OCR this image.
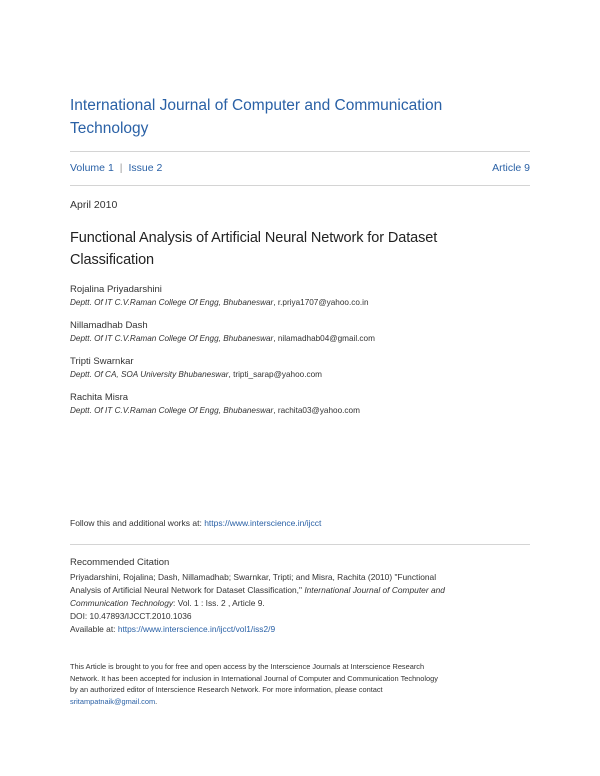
International Journal of Computer and Communication
Technology
Volume 1 | Issue 2	Article 9
April 2010
Functional Analysis of Artificial Neural Network for Dataset
Classification
Rojalina Priyadarshini
Deptt. Of IT C.V.Raman College Of Engg, Bhubaneswar, r.priya1707@yahoo.co.in
Nillamadhab Dash
Deptt. Of IT C.V.Raman College Of Engg, Bhubaneswar, nilamadhab04@gmail.com
Tripti Swarnkar
Deptt. Of CA, SOA University Bhubaneswar, tripti_sarap@yahoo.com
Rachita Misra
Deptt. Of IT C.V.Raman College Of Engg, Bhubaneswar, rachita03@yahoo.com
Follow this and additional works at: https://www.interscience.in/ijcct
Recommended Citation
Priyadarshini, Rojalina; Dash, Nillamadhab; Swarnkar, Tripti; and Misra, Rachita (2010) "Functional
Analysis of Artificial Neural Network for Dataset Classification," International Journal of Computer and
Communication Technology: Vol. 1 : Iss. 2 , Article 9.
DOI: 10.47893/IJCCT.2010.1036
Available at: https://www.interscience.in/ijcct/vol1/iss2/9
This Article is brought to you for free and open access by the Interscience Journals at Interscience Research
Network. It has been accepted for inclusion in International Journal of Computer and Communication Technology
by an authorized editor of Interscience Research Network. For more information, please contact
sritampatnaik@gmail.com.
